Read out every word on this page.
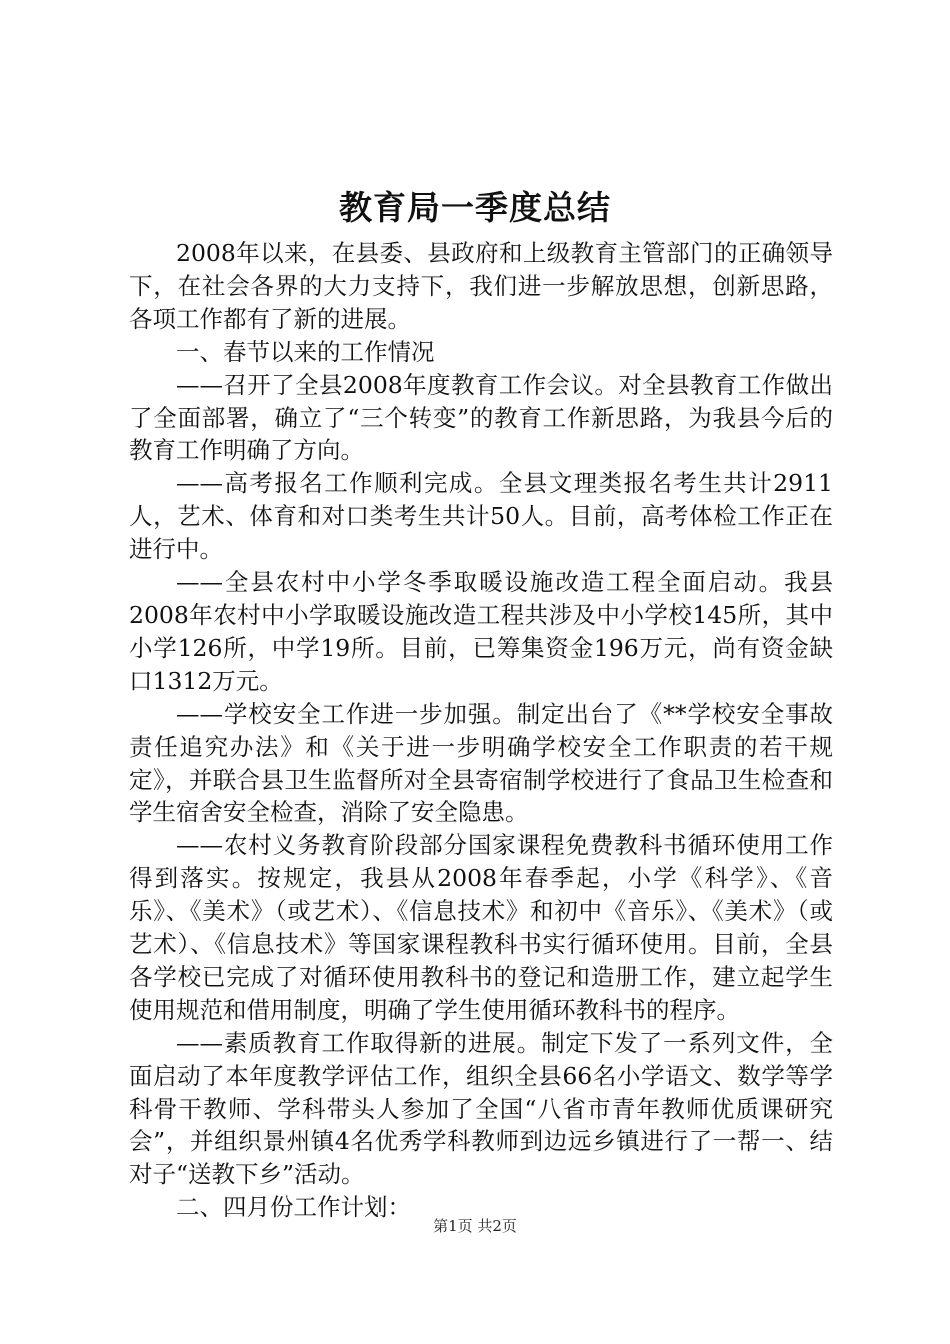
教育局一季度总结

2008年以来，在县委、县政府和上级教育主管部门的正确领导下，在社会各界的大力支持下，我们进一步解放思想，创新思路，各项工作都有了新的进展。

一、春节以来的工作情况

——召开了全县2008年度教育工作会议。对全县教育工作做出了全面部署，确立了“三个转变”的教育工作新思路，为我县今后的教育工作明确了方向。

——高考报名工作顺利完成。全县文理类报名考生共计2911人，艺术、体育和对口类考生共计50人。目前，高考体检工作正在进行中。

——全县农村中小学冬季取暖设施改造工程全面启动。我县2008年农村中小学取暖设施改造工程共涉及中小学校145所，其中小学126所，中学19所。目前，已筹集资金196万元，尚有资金缺口1312万元。

——学校安全工作进一步加强。制定出台了《**学校安全事故责任追究办法》和《关于进一步明确学校安全工作职责的若干规定》，并联合县卫生监督所对全县寄宿制学校进行了食品卫生检查和学生宿舍安全检查，消除了安全隐患。

——农村义务教育阶段部分国家课程免费教科书循环使用工作得到落实。按规定，我县从2008年春季起，小学《科学》、《音乐》、《美术》（或艺术）、《信息技术》和初中《音乐》、《美术》（或艺术）、《信息技术》等国家课程教科书实行循环使用。目前，全县各学校已完成了对循环使用教科书的登记和造册工作，建立起学生使用规范和借用制度，明确了学生使用循环教科书的程序。

——素质教育工作取得新的进展。制定下发了一系列文件，全面启动了本年度教学评估工作，组织全县66名小学语文、数学等学科骨干教师、学科带头人参加了全国“八省市青年教师优质课研究会”，并组织景州镇4名优秀学科教师到边远乡镇进行了一帮一、结对子“送教下乡”活动。

二、四月份工作计划：

第1页 共2页
